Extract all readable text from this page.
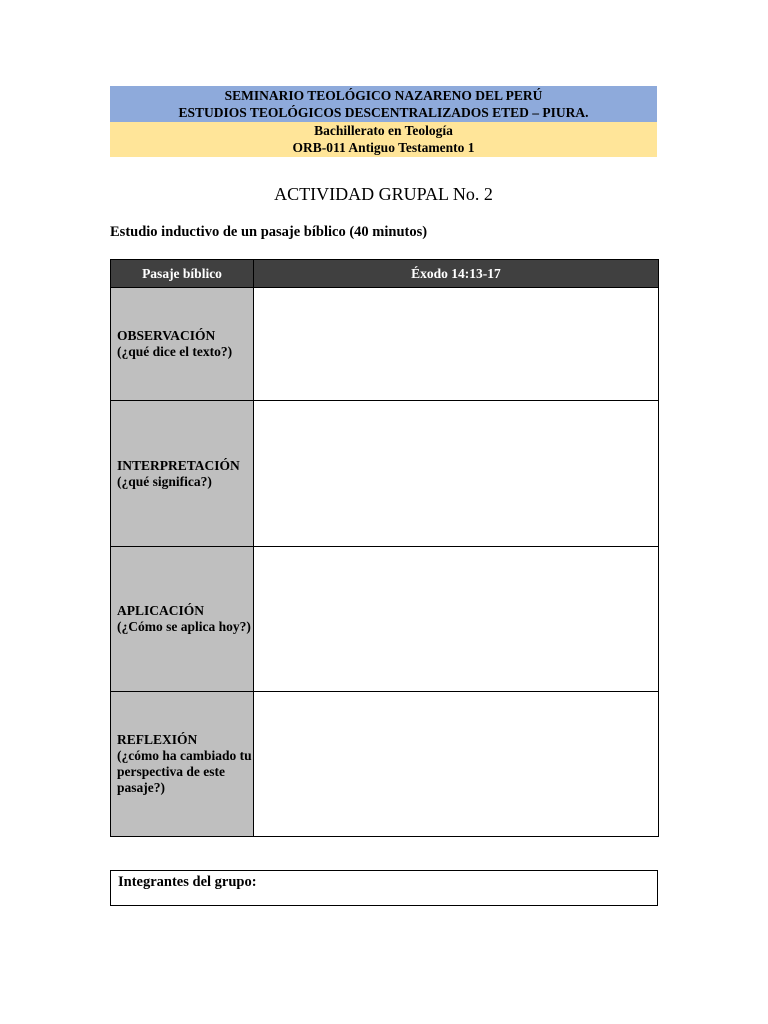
SEMINARIO TEOLÓGICO NAZARENO DEL PERÚ
ESTUDIOS TEOLÓGICOS DESCENTRALIZADOS ETED – PIURA.
Bachillerato en Teología
ORB-011 Antiguo Testamento 1
ACTIVIDAD GRUPAL No. 2
Estudio inductivo de un pasaje bíblico (40 minutos)
Pasaje bíblico	Éxodo 14:13-17
OBSERVACIÓN
(¿qué dice el texto?)	

INTERPRETACIÓN
(¿qué significa?)	

APLICACIÓN
(¿Cómo se aplica hoy?)	

REFLEXIÓN
(¿cómo ha cambiado tu perspectiva de este pasaje?)	

Integrantes del grupo:
